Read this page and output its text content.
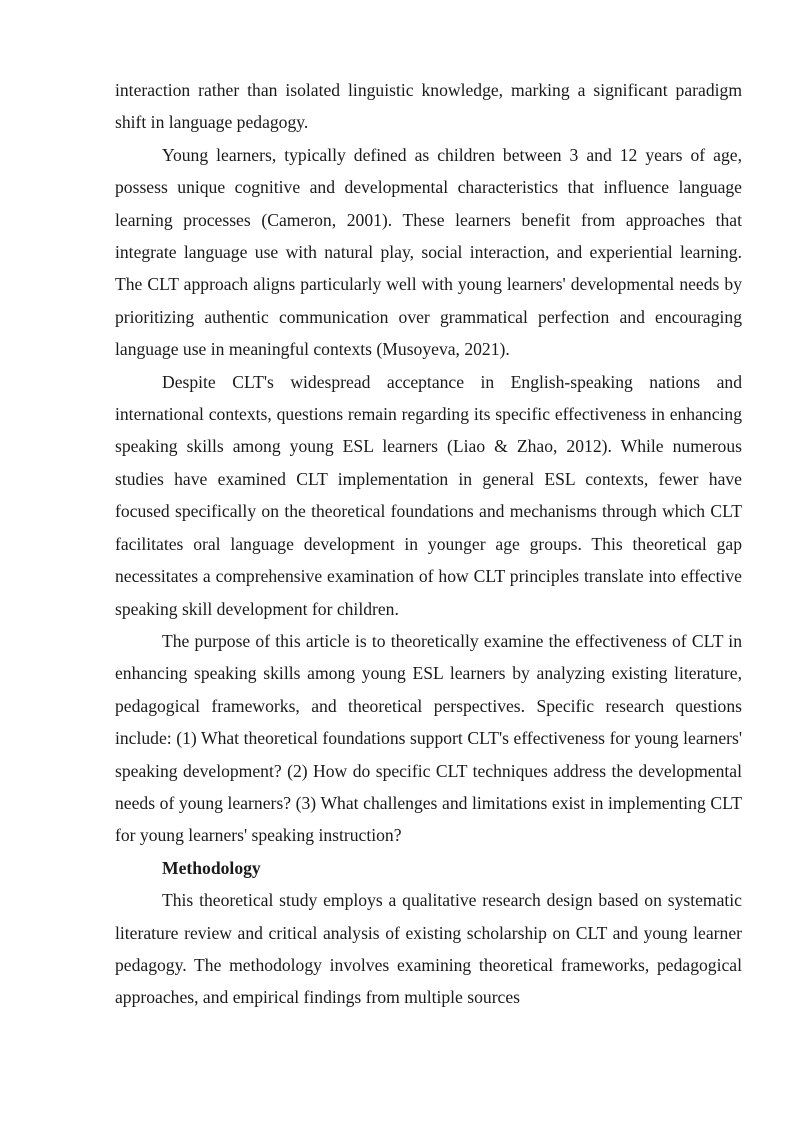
interaction rather than isolated linguistic knowledge, marking a significant paradigm shift in language pedagogy.

Young learners, typically defined as children between 3 and 12 years of age, possess unique cognitive and developmental characteristics that influence language learning processes (Cameron, 2001). These learners benefit from approaches that integrate language use with natural play, social interaction, and experiential learning. The CLT approach aligns particularly well with young learners' developmental needs by prioritizing authentic communication over grammatical perfection and encouraging language use in meaningful contexts (Musoyeva, 2021).

Despite CLT's widespread acceptance in English-speaking nations and international contexts, questions remain regarding its specific effectiveness in enhancing speaking skills among young ESL learners (Liao & Zhao, 2012). While numerous studies have examined CLT implementation in general ESL contexts, fewer have focused specifically on the theoretical foundations and mechanisms through which CLT facilitates oral language development in younger age groups. This theoretical gap necessitates a comprehensive examination of how CLT principles translate into effective speaking skill development for children.

The purpose of this article is to theoretically examine the effectiveness of CLT in enhancing speaking skills among young ESL learners by analyzing existing literature, pedagogical frameworks, and theoretical perspectives. Specific research questions include: (1) What theoretical foundations support CLT's effectiveness for young learners' speaking development? (2) How do specific CLT techniques address the developmental needs of young learners? (3) What challenges and limitations exist in implementing CLT for young learners' speaking instruction?

Methodology

This theoretical study employs a qualitative research design based on systematic literature review and critical analysis of existing scholarship on CLT and young learner pedagogy. The methodology involves examining theoretical frameworks, pedagogical approaches, and empirical findings from multiple sources
